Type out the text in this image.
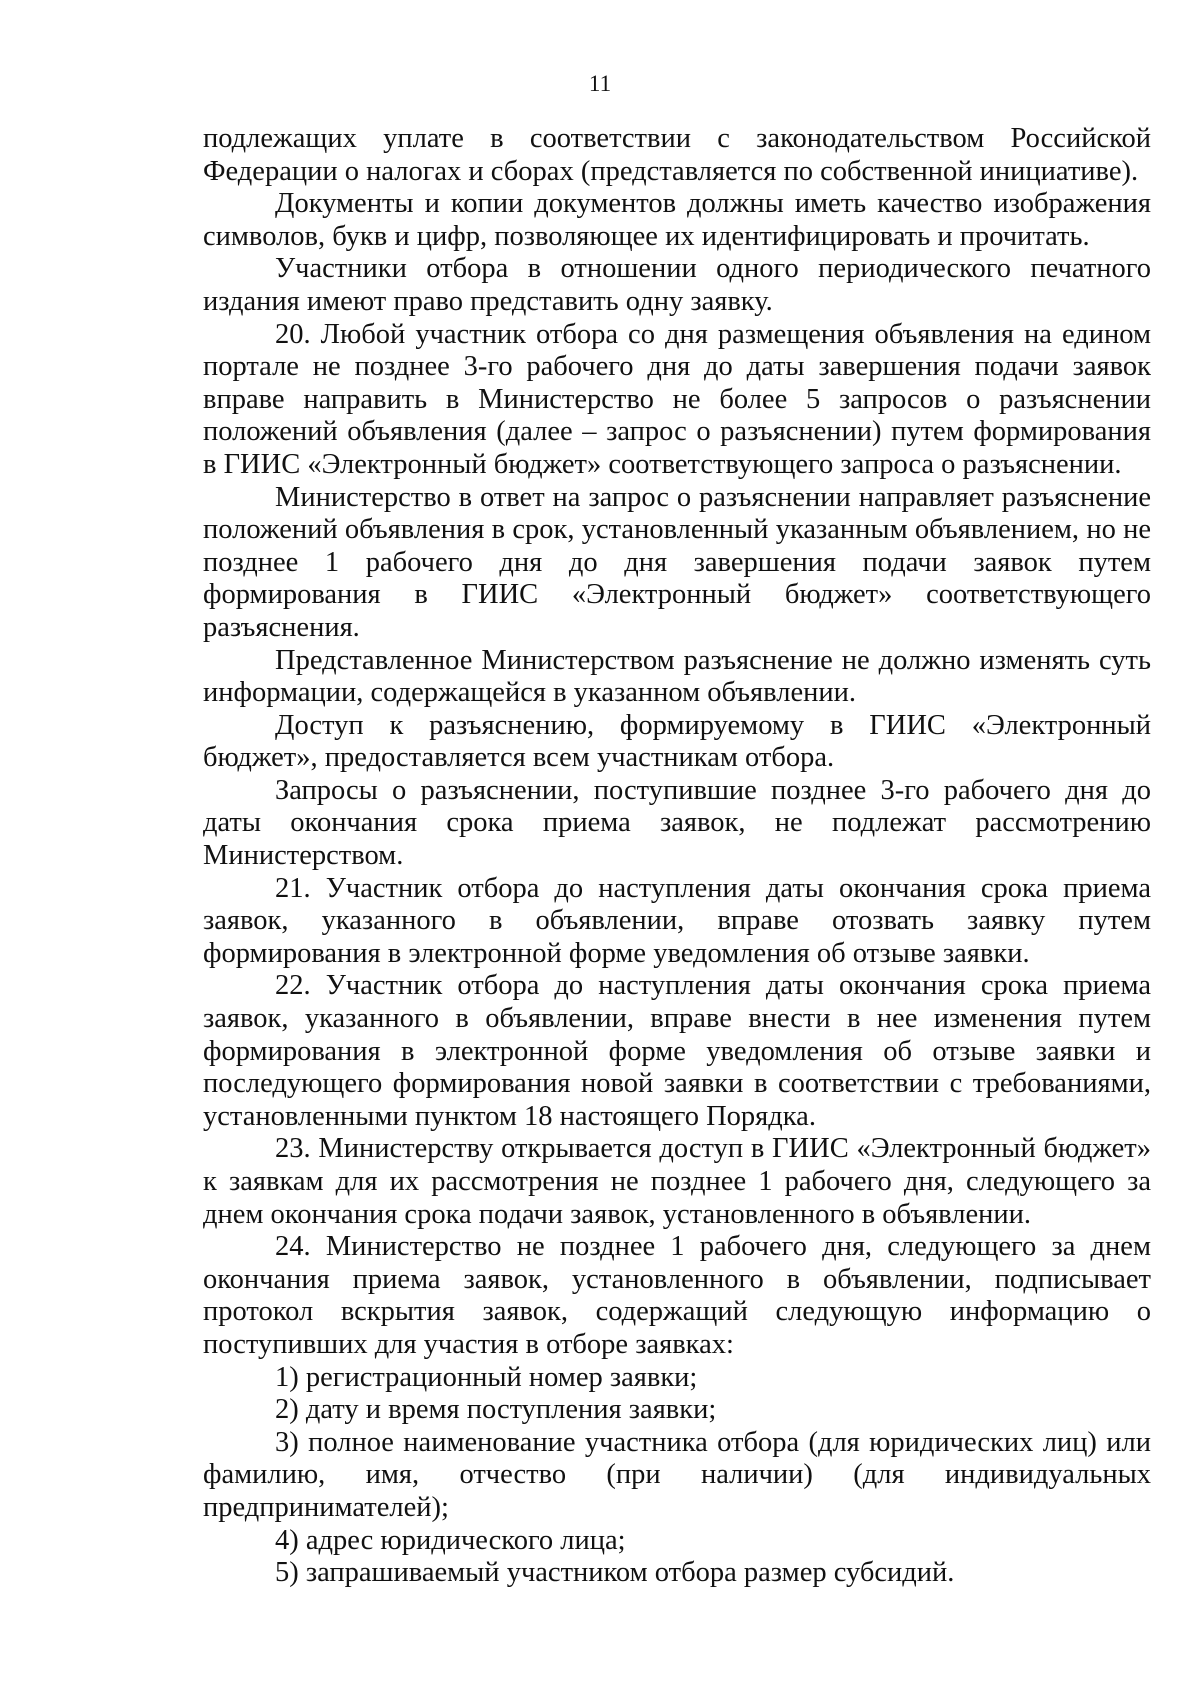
11

подлежащих уплате в соответствии с законодательством Российской Федерации о налогах и сборах (представляется по собственной инициативе).

Документы и копии документов должны иметь качество изображения символов, букв и цифр, позволяющее их идентифицировать и прочитать.

Участники отбора в отношении одного периодического печатного издания имеют право представить одну заявку.

20. Любой участник отбора со дня размещения объявления на едином портале не позднее 3-го рабочего дня до даты завершения подачи заявок вправе направить в Министерство не более 5 запросов о разъяснении положений объявления (далее – запрос о разъяснении) путем формирования в ГИИС «Электронный бюджет» соответствующего запроса о разъяснении.

Министерство в ответ на запрос о разъяснении направляет разъяснение положений объявления в срок, установленный указанным объявлением, но не позднее 1 рабочего дня до дня завершения подачи заявок путем формирования в ГИИС «Электронный бюджет» соответствующего разъяснения.

Представленное Министерством разъяснение не должно изменять суть информации, содержащейся в указанном объявлении.

Доступ к разъяснению, формируемому в ГИИС «Электронный бюджет», предоставляется всем участникам отбора.

Запросы о разъяснении, поступившие позднее 3-го рабочего дня до даты окончания срока приема заявок, не подлежат рассмотрению Министерством.

21. Участник отбора до наступления даты окончания срока приема заявок, указанного в объявлении, вправе отозвать заявку путем формирования в электронной форме уведомления об отзыве заявки.

22. Участник отбора до наступления даты окончания срока приема заявок, указанного в объявлении, вправе внести в нее изменения путем формирования в электронной форме уведомления об отзыве заявки и последующего формирования новой заявки в соответствии с требованиями, установленными пунктом 18 настоящего Порядка.

23. Министерству открывается доступ в ГИИС «Электронный бюджет» к заявкам для их рассмотрения не позднее 1 рабочего дня, следующего за днем окончания срока подачи заявок, установленного в объявлении.

24. Министерство не позднее 1 рабочего дня, следующего за днем окончания приема заявок, установленного в объявлении, подписывает протокол вскрытия заявок, содержащий следующую информацию о поступивших для участия в отборе заявках:

1) регистрационный номер заявки;

2) дату и время поступления заявки;

3) полное наименование участника отбора (для юридических лиц) или фамилию, имя, отчество (при наличии) (для индивидуальных предпринимателей);

4) адрес юридического лица;

5) запрашиваемый участником отбора размер субсидий.
